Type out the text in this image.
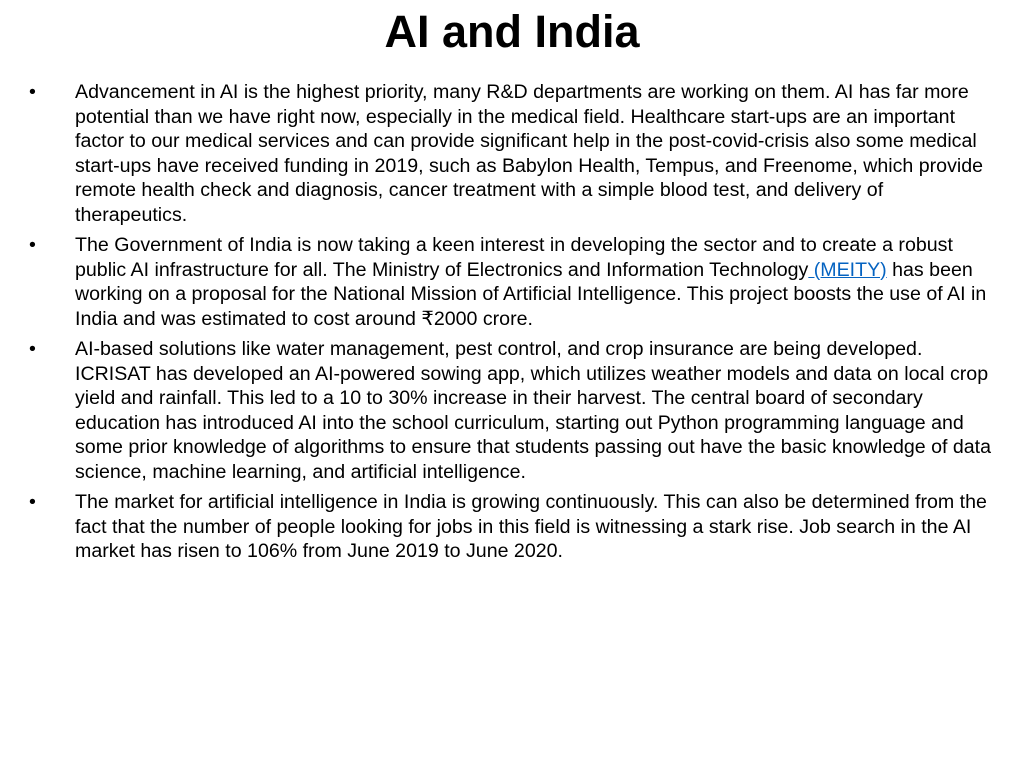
AI and India
•	Advancement in AI is the highest priority, many R&D departments are working on them. AI has far more potential than we have right now, especially in the medical field. Healthcare start-ups are an important factor to our medical services and can provide significant help in the post-covid-crisis also some medical start-ups have received funding in 2019, such as Babylon Health, Tempus, and Freenome, which provide remote health check and diagnosis, cancer treatment with a simple blood test, and delivery of therapeutics.
•	The Government of India is now taking a keen interest in developing the sector and to create a robust public AI infrastructure for all. The Ministry of Electronics and Information Technology (MEITY) has been working on a proposal for the National Mission of Artificial Intelligence. This project boosts the use of AI in India and was estimated to cost around ₹2000 crore.
•	AI-based solutions like water management, pest control, and crop insurance are being developed. ICRISAT has developed an AI-powered sowing app, which utilizes weather models and data on local crop yield and rainfall. This led to a 10 to 30% increase in their harvest. The central board of secondary education has introduced AI into the school curriculum, starting out Python programming language and some prior knowledge of algorithms to ensure that students passing out have the basic knowledge of data science, machine learning, and artificial intelligence.
•	The market for artificial intelligence in India is growing continuously. This can also be determined from the fact that the number of people looking for jobs in this field is witnessing a stark rise. Job search in the AI market has risen to 106% from June 2019 to June 2020.
